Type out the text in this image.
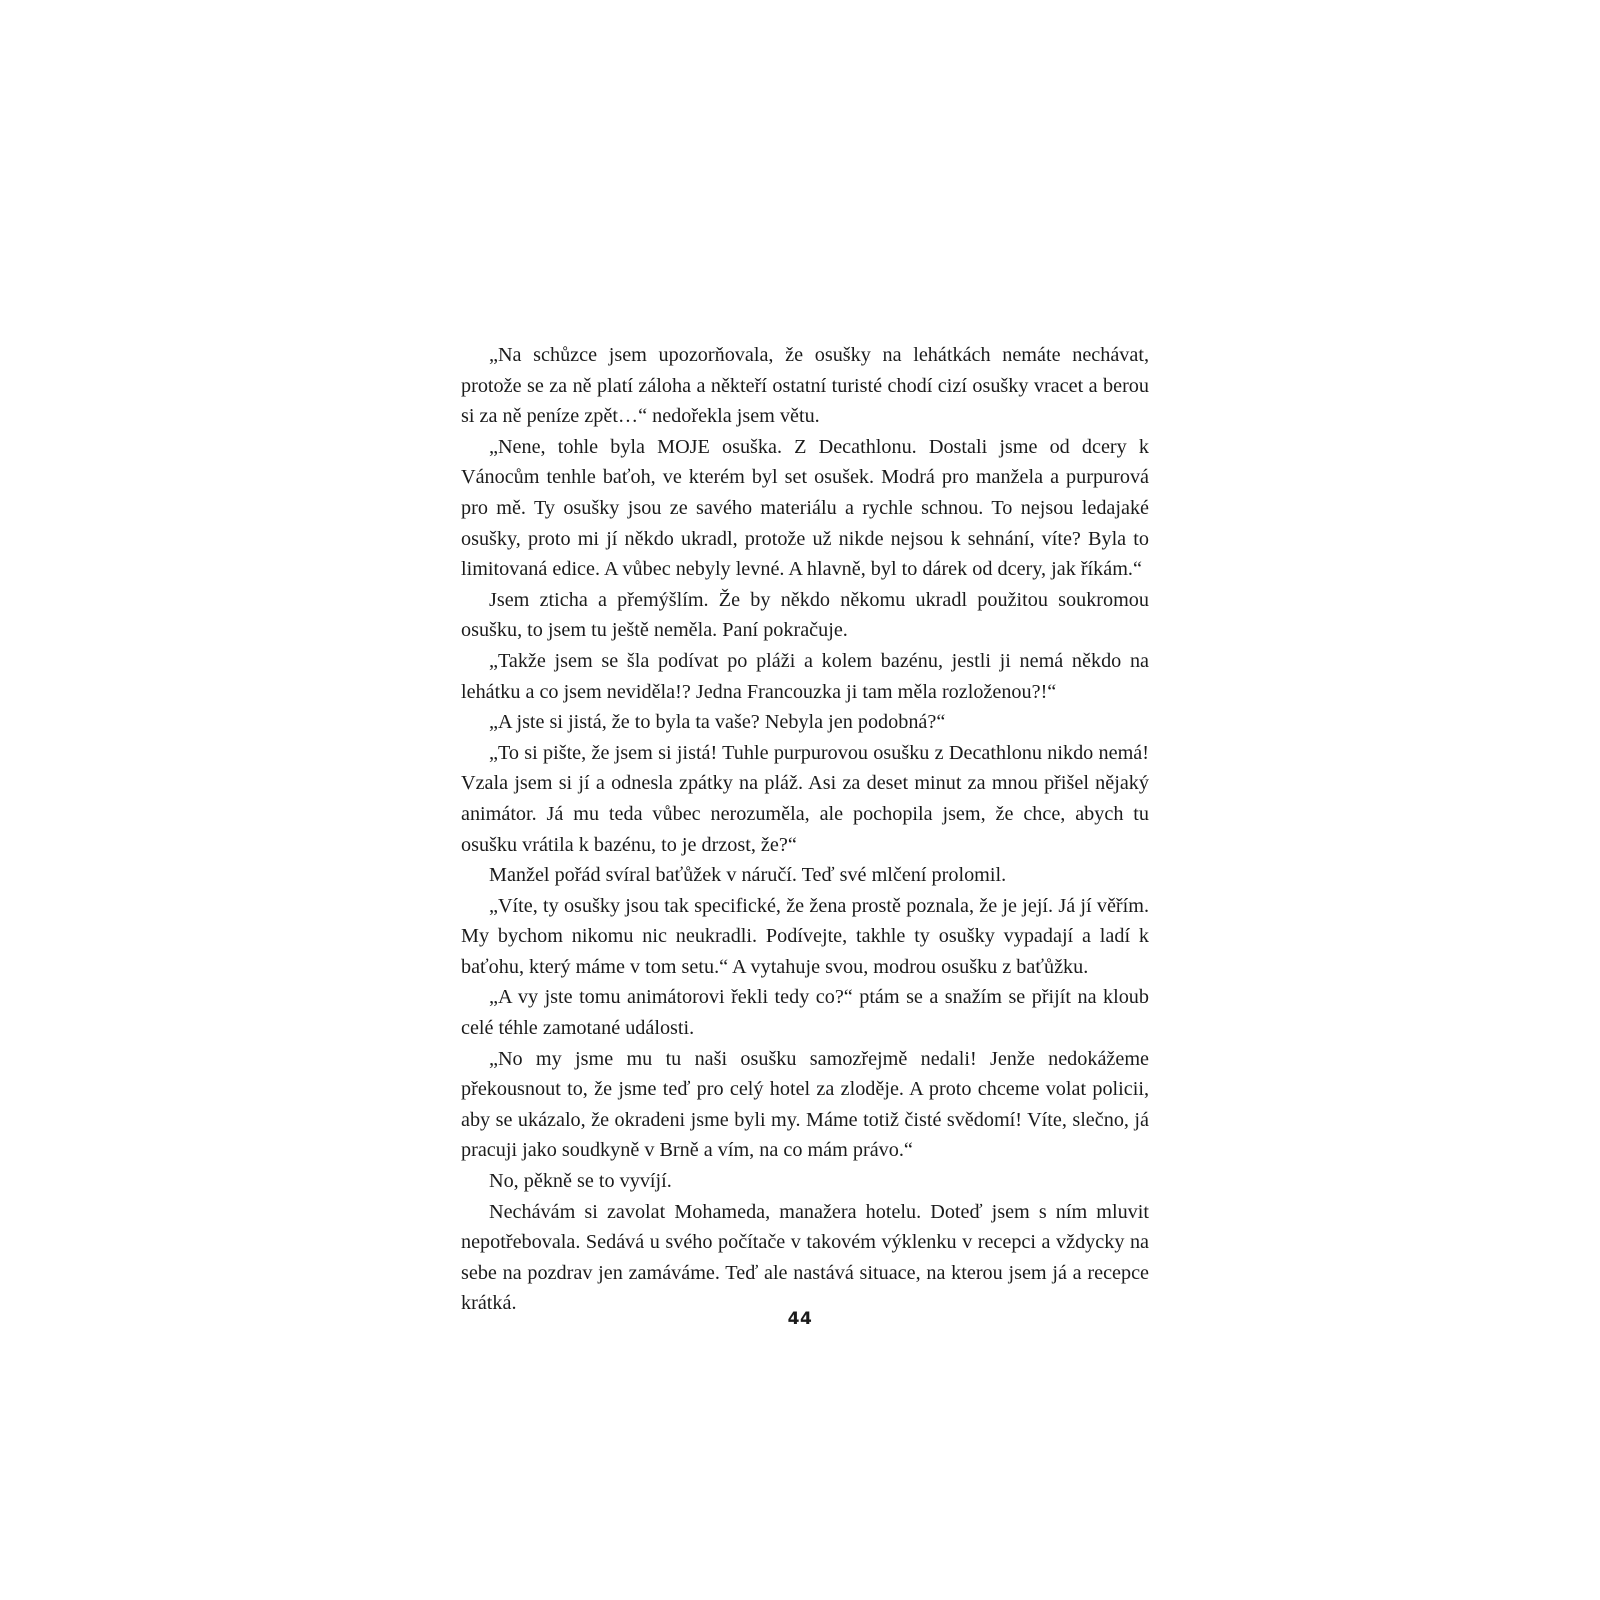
„Na schůzce jsem upozorňovala, že osušky na lehátkách nemáte nechávat, protože se za ně platí záloha a někteří ostatní turisté chodí cizí osušky vracet a berou si za ně peníze zpět…“ nedořekla jsem větu.

„Nene, tohle byla MOJE osuška. Z Decathlonu. Dostali jsme od dcery k Vánocům tenhle baťoh, ve kterém byl set osušek. Modrá pro manžela a purpurová pro mě. Ty osušky jsou ze savého materiálu a rychle schnou. To nejsou ledajaké osušky, proto mi jí někdo ukradl, protože už nikde nejsou k sehnání, víte? Byla to limitovaná edice. A vůbec nebyly levné. A hlavně, byl to dárek od dcery, jak říkám.“

Jsem zticha a přemýšlím. Že by někdo někomu ukradl použitou soukromou osušku, to jsem tu ještě neměla. Paní pokračuje.

„Takže jsem se šla podívat po pláži a kolem bazénu, jestli ji nemá někdo na lehátku a co jsem neviděla!? Jedna Francouzka ji tam měla rozloženou?!“

„A jste si jistá, že to byla ta vaše? Nebyla jen podobná?“

„To si pište, že jsem si jistá! Tuhle purpurovou osušku z Decathlonu nikdo nemá! Vzala jsem si jí a odnesla zpátky na pláž. Asi za deset minut za mnou přišel nějaký animátor. Já mu teda vůbec nerozuměla, ale pochopila jsem, že chce, abych tu osušku vrátila k bazénu, to je drzost, že?“

Manžel pořád svíral baťůžek v náručí. Teď své mlčení prolomil.

„Víte, ty osušky jsou tak specifické, že žena prostě poznala, že je její. Já jí věřím. My bychom nikomu nic neukradli. Podívejte, takhle ty osušky vypadají a ladí k baťohu, který máme v tom setu.“ A vytahuje svou, modrou osušku z baťůžku.

„A vy jste tomu animátorovi řekli tedy co?“ ptám se a snažím se přijít na kloub celé téhle zamotané události.

„No my jsme mu tu naši osušku samozřejmě nedali! Jenže nedokážeme překousnout to, že jsme teď pro celý hotel za zloděje. A proto chceme volat policii, aby se ukázalo, že okradeni jsme byli my. Máme totiž čisté svědomí! Víte, slečno, já pracuji jako soudkyně v Brně a vím, na co mám právo.“

No, pěkně se to vyvíjí.

Nechávám si zavolat Mohameda, manažera hotelu. Doteď jsem s ním mluvit nepotřebovala. Sedává u svého počítače v takovém výklenku v recepci a vždycky na sebe na pozdrav jen zamáváme. Teď ale nastává situace, na kterou jsem já a recepce krátká.

44
